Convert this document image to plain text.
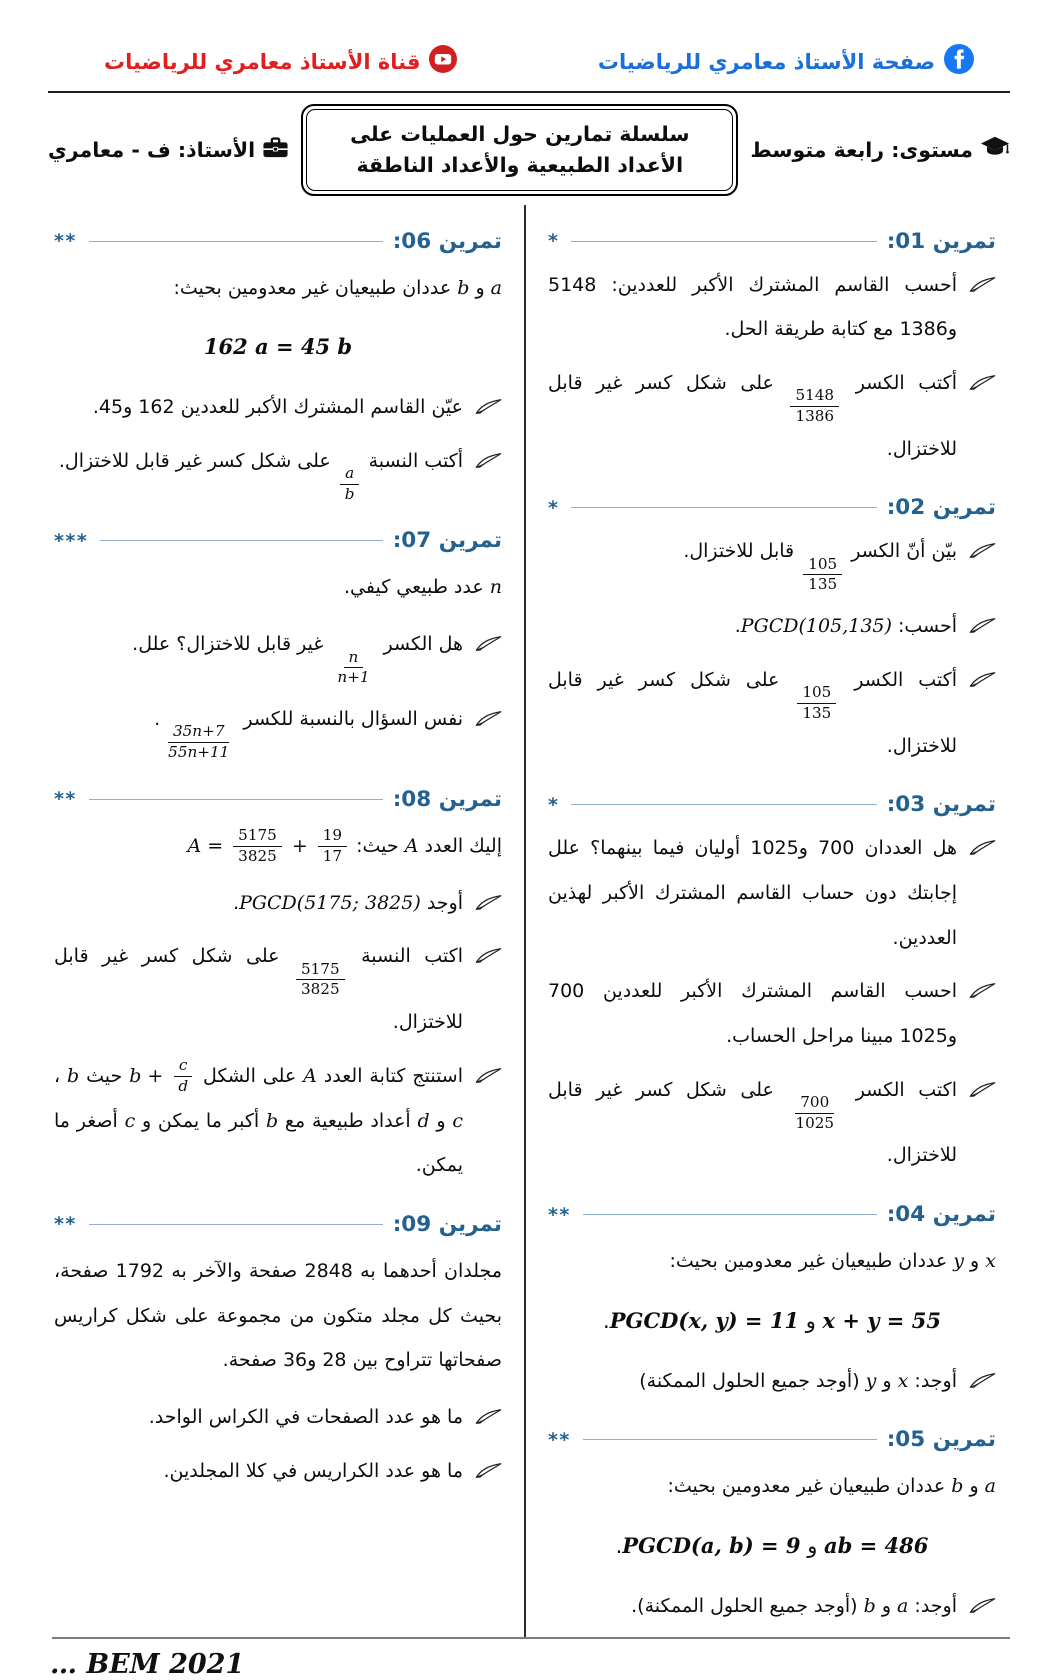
صفحة الأستاذ معامري للرياضيات
قناة الأستاذ معامري للرياضيات
مستوى: رابعة متوسط
سلسلة تمارين حول العمليات على الأعداد الطبيعية والأعداد الناطقة
الأستاذ: ف - معامري
تمرين 01:
*
أحسب القاسم المشترك الأكبر للعددين: 5148 و1386 مع كتابة طريقة الحل.
أكتب الكسر
$\frac{5148}{1386}$
على شكل كسر غير قابل للاختزال.
تمرين 02:
*
بيّن أنّ الكسر
$\frac{105}{135}$
قابل للاختزال.
أحسب: PGCD(105,135).
أكتب الكسر
$\frac{105}{135}$
على شكل كسر غير قابل للاختزال.
تمرين 03:
*
هل العددان 700 و1025 أوليان فيما بينهما؟ علل إجابتك دون حساب القاسم المشترك الأكبر لهذين العددين.
احسب القاسم المشترك الأكبر للعددين 700 و1025 مبينا مراحل الحساب.
اكتب الكسر
$\frac{700}{1025}$
على شكل كسر غير قابل للاختزال.
تمرين 04:
**
x و y عددان طبيعيان غير معدومين بحيث:
x + y = 55 و PGCD(x, y) = 11.
أوجد: x و y (أوجد جميع الحلول الممكنة)
تمرين 05:
**
a و b عددان طبيعيان غير معدومين بحيث:
ab = 486 و PGCD(a, b) = 9.
أوجد: a و b (أوجد جميع الحلول الممكنة).
تمرين 06:
**
a و b عددان طبيعيان غير معدومين بحيث:
162 a = 45 b
عيّن القاسم المشترك الأكبر للعددين 162 و45.
أكتب النسبة
$\frac{a}{b}$
على شكل كسر غير قابل للاختزال.
تمرين 07:
***
n عدد طبيعي كيفي.
هل الكسر
$\frac{n}{n+1}$
غير قابل للاختزال؟ علل.
نفس السؤال بالنسبة للكسر
$\frac{35n+7}{55n+11}$
.
تمرين 08:
**
إليك العدد A حيث:
$A = \frac{5175}{3825} + \frac{19}{17}$
أوجد PGCD(5175; 3825).
اكتب النسبة
$\frac{5175}{3825}$
على شكل كسر غير قابل للاختزال.
استنتج كتابة العدد A على الشكل
$b + \frac{c}{d}$
حيث b ، c و d أعداد طبيعية مع b أكبر ما يمكن و c أصغر ما يمكن.
تمرين 09:
**
مجلدان أحدهما به 2848 صفحة والآخر به 1792 صفحة، بحيث كل مجلد متكون من مجموعة على شكل كراريس صفحاتها تتراوح بين 28 و36 صفحة.
ما هو عدد الصفحات في الكراس الواحد.
ما هو عدد الكراريس في كلا المجلدين.
… BEM 2021
